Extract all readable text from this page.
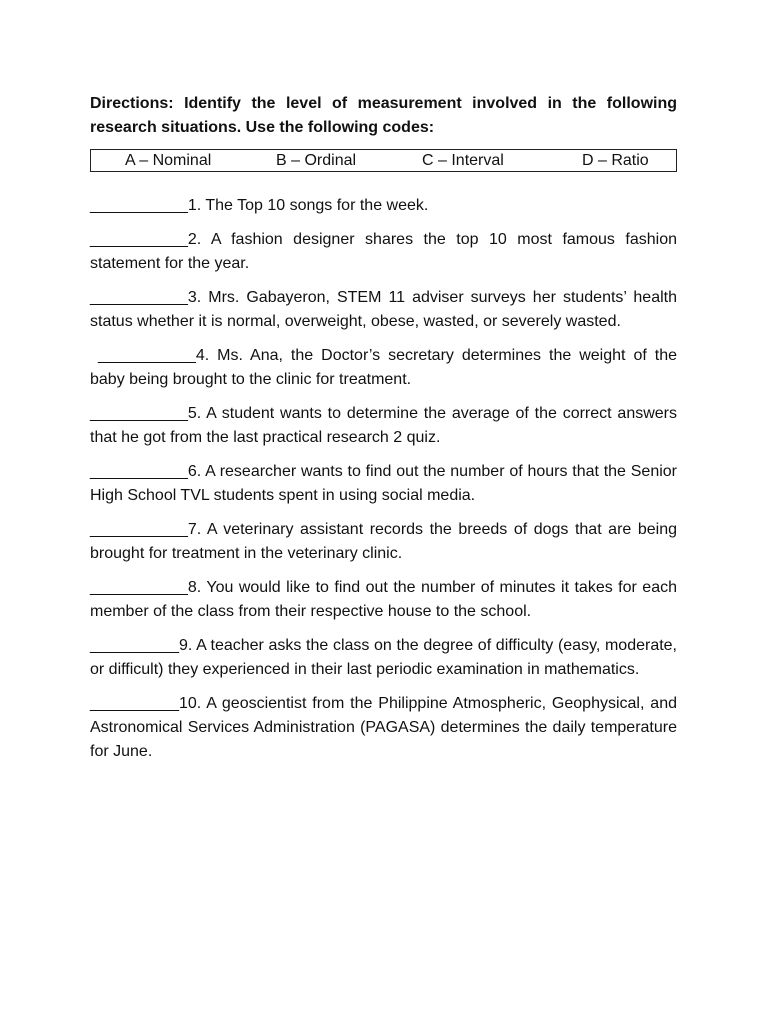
Directions: Identify the level of measurement involved in the following research situations. Use the following codes:

A – Nominal	B – Ordinal	C – Interval	D – Ratio

___________1. The Top 10 songs for the week.

___________2. A fashion designer shares the top 10 most famous fashion statement for the year.

___________3. Mrs. Gabayeron, STEM 11 adviser surveys her students’ health status whether it is normal, overweight, obese, wasted, or severely wasted.

___________4. Ms. Ana, the Doctor’s secretary determines the weight of the baby being brought to the clinic for treatment.

___________5. A student wants to determine the average of the correct answers that he got from the last practical research 2 quiz.

___________6. A researcher wants to find out the number of hours that the Senior High School TVL students spent in using social media.

___________7. A veterinary assistant records the breeds of dogs that are being brought for treatment in the veterinary clinic.

___________8. You would like to find out the number of minutes it takes for each member of the class from their respective house to the school.

__________9. A teacher asks the class on the degree of difficulty (easy, moderate, or difficult) they experienced in their last periodic examination in mathematics.

__________10. A geoscientist from the Philippine Atmospheric, Geophysical, and Astronomical Services Administration (PAGASA) determines the daily temperature for June.
